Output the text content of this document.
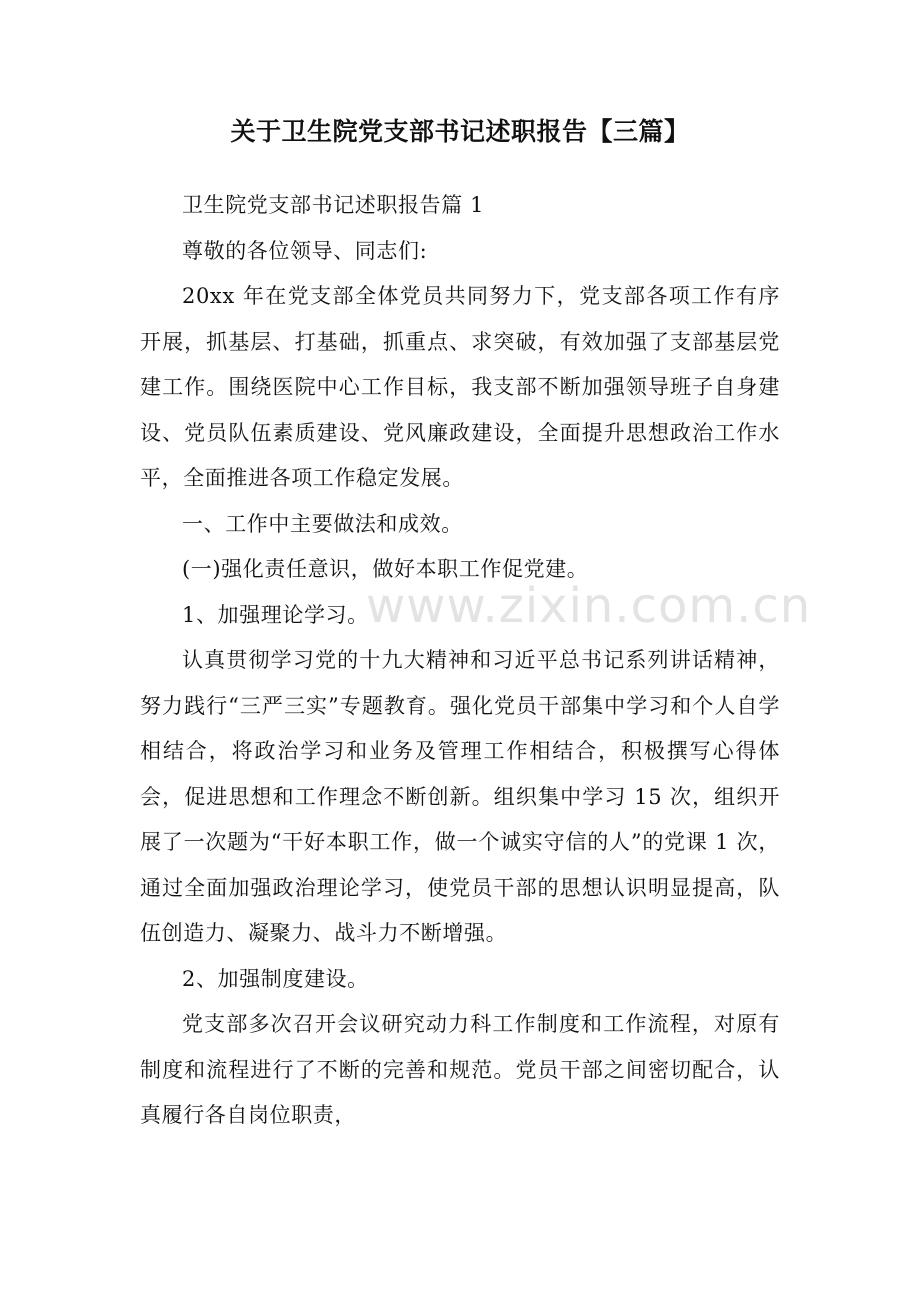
关于卫生院党支部书记述职报告【三篇】

卫生院党支部书记述职报告篇 1

尊敬的各位领导、同志们:

20xx 年在党支部全体党员共同努力下，党支部各项工作有序开展，抓基层、打基础，抓重点、求突破，有效加强了支部基层党建工作。围绕医院中心工作目标，我支部不断加强领导班子自身建设、党员队伍素质建设、党风廉政建设，全面提升思想政治工作水平，全面推进各项工作稳定发展。

一、工作中主要做法和成效。

(一)强化责任意识，做好本职工作促党建。

1、加强理论学习。

认真贯彻学习党的十九大精神和习近平总书记系列讲话精神，努力践行“三严三实”专题教育。强化党员干部集中学习和个人自学相结合，将政治学习和业务及管理工作相结合，积极撰写心得体会，促进思想和工作理念不断创新。组织集中学习 15 次，组织开展了一次题为“干好本职工作，做一个诚实守信的人”的党课 1 次，通过全面加强政治理论学习，使党员干部的思想认识明显提高，队伍创造力、凝聚力、战斗力不断增强。

2、加强制度建设。

党支部多次召开会议研究动力科工作制度和工作流程，对原有制度和流程进行了不断的完善和规范。党员干部之间密切配合，认真履行各自岗位职责，

www.zixin.com.cn
